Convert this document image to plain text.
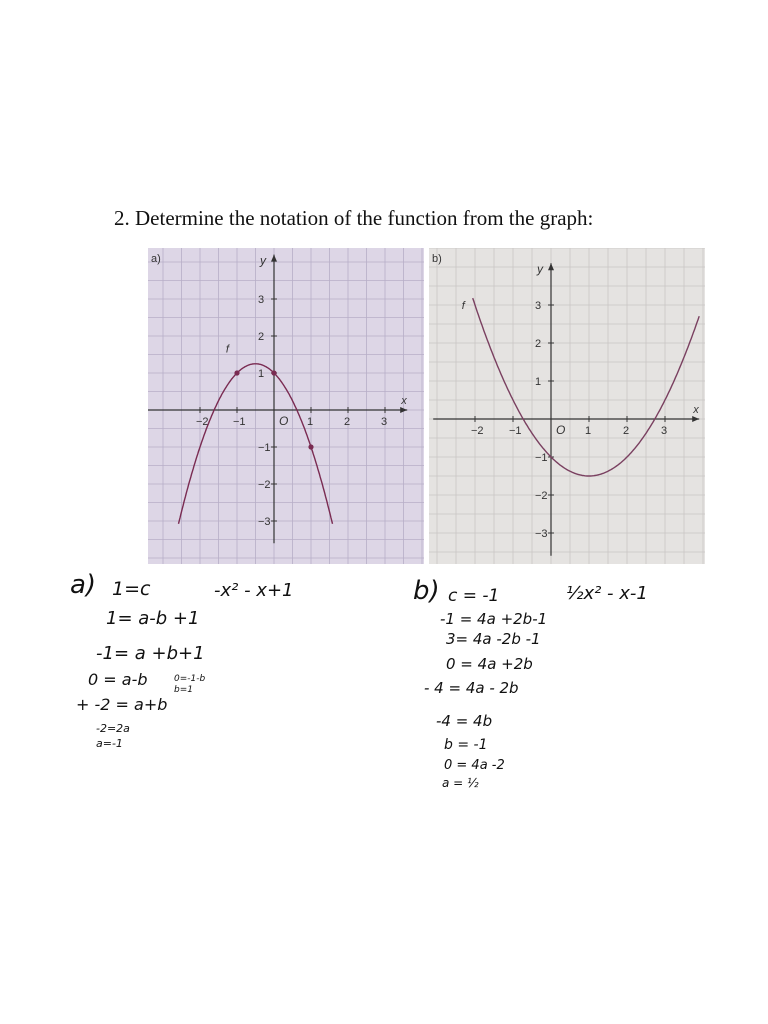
2. Determine the notation of the function from the graph:
−2 −1	1	2	3
3
2
1
−1
−2
−3
x
y
O
a)
f
−2 −1	1	2	3
3
2
1
−1
−2
−3
x
y
O
b)
f
a)	-x² - x+1
1=c
1= a-b +1
-1= a +b+1
0 = a-b
+ -2 = a+b
-2=2a
a=-1
0=-1-b
b=1
b)	½x² - x-1
c = -1
-1 = 4a +2b-1
3= 4a -2b -1
0 = 4a +2b
- 4 = 4a - 2b
-4 = 4b
b = -1
0 = 4a -2
a = ½
